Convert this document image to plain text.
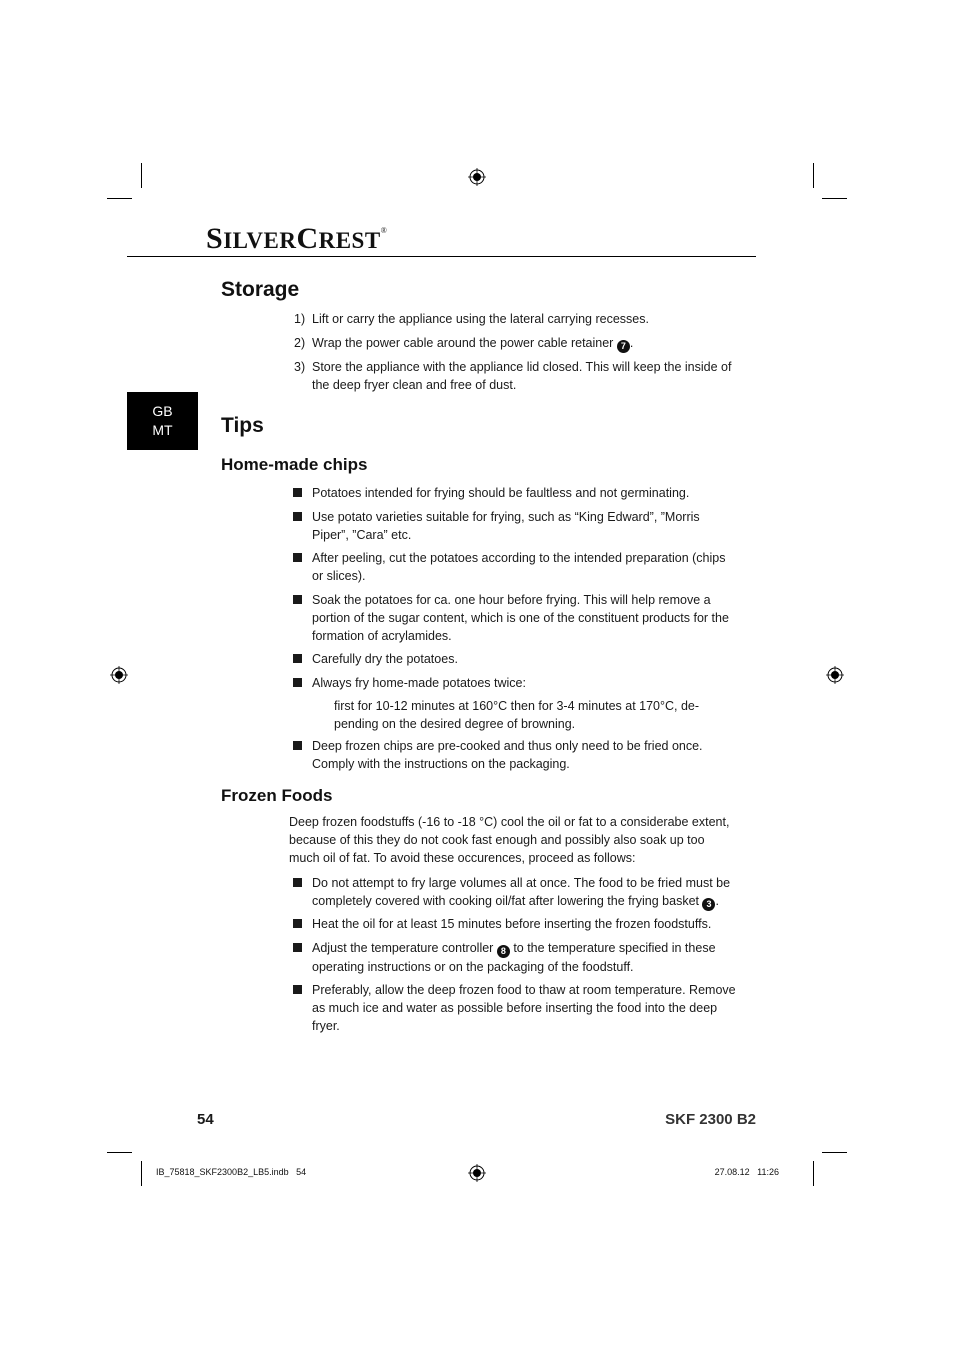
SILVERCREST®
GB
MT
Storage
1) Lift or carry the appliance using the lateral carrying recesses.
2) Wrap the power cable around the power cable retainer 7 .
3) Store the appliance with the appliance lid closed. This will keep the inside of
the deep fryer clean and free of dust.
Tips
Home-made chips
Potatoes intended for frying should be faultless and not germinating.
Use potato varieties suitable for frying, such as “King Edward”, ”Morris
Piper”, ”Cara” etc.
After peeling, cut the potatoes according to the intended preparation (chips
or slices).
Soak the potatoes for ca. one hour before frying. This will help remove a
portion of the sugar content, which is one of the constituent products for the
formation of acrylamides.
Carefully dry the potatoes.
Always fry home-made potatoes twice:
first for 10-12 minutes at 160°C then for 3-4 minutes at 170°C, de-
pending on the desired degree of browning.
Deep frozen chips are pre-cooked and thus only need to be fried once.
Comply with the instructions on the packaging.
Frozen Foods
Deep frozen foodstuffs (-16 to -18 °C) cool the oil or fat to a considerabe extent,
because of this they do not cook fast enough and possibly also soak up too
much oil of fat. To avoid these occurences, proceed as follows:
Do not attempt to fry large volumes all at once. The food to be fried must be
completely covered with cooking oil/fat after lowering the frying basket 3 .
Heat the oil for at least 15 minutes before inserting the frozen foodstuffs.
Adjust the temperature controller 8 to the temperature specified in these
operating instructions or on the packaging of the foodstuff.
Preferably, allow the deep frozen food to thaw at room temperature. Remove
as much ice and water as possible before inserting the food into the deep
fryer.
54	SKF 2300 B2
IB_75818_SKF2300B2_LB5.indb   54	27.08.12   11:26
